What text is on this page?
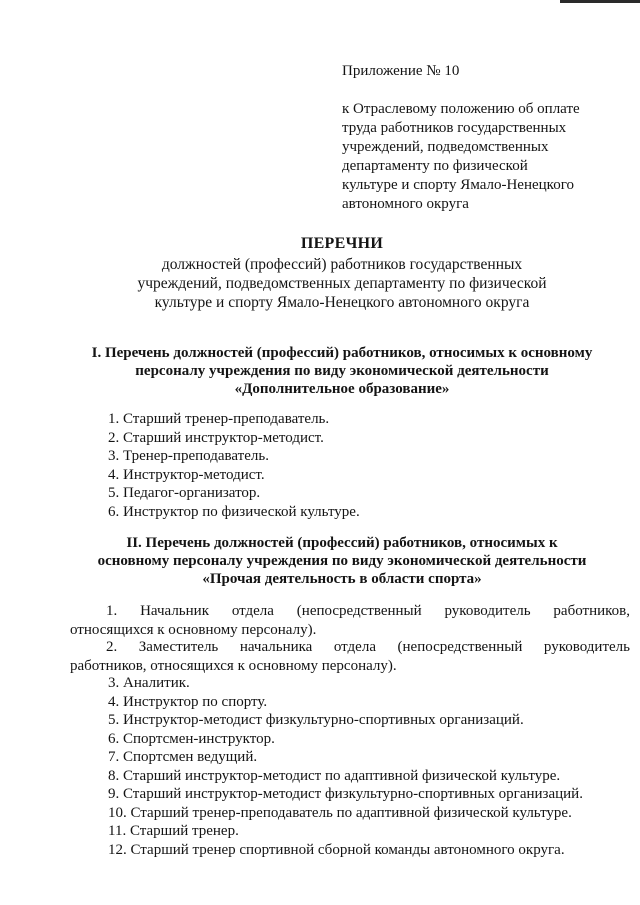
Приложение № 10
к Отраслевому положению об оплате
труда работников государственных
учреждений, подведомственных
департаменту по физической
культуре и спорту Ямало-Ненецкого
автономного округа
ПЕРЕЧНИ
должностей (профессий) работников государственных
учреждений, подведомственных департаменту по физической
культуре и спорту Ямало-Ненецкого автономного округа
I. Перечень должностей (профессий) работников, относимых к основному
персоналу учреждения по виду экономической деятельности
«Дополнительное образование»
1. Старший тренер-преподаватель.
2. Старший инструктор-методист.
3. Тренер-преподаватель.
4. Инструктор-методист.
5. Педагог-организатор.
6. Инструктор по физической культуре.
II. Перечень должностей (профессий) работников, относимых к
основному персоналу учреждения по виду экономической деятельности
«Прочая деятельность в области спорта»
1. Начальник отдела (непосредственный руководитель работников,
относящихся к основному персоналу).
2. Заместитель начальника отдела (непосредственный руководитель
работников, относящихся к основному персоналу).
3. Аналитик.
4. Инструктор по спорту.
5. Инструктор-методист физкультурно-спортивных организаций.
6. Спортсмен-инструктор.
7. Спортсмен ведущий.
8. Старший инструктор-методист по адаптивной физической культуре.
9. Старший инструктор-методист физкультурно-спортивных организаций.
10. Старший тренер-преподаватель по адаптивной физической культуре.
11. Старший тренер.
12. Старший тренер спортивной сборной команды автономного округа.
